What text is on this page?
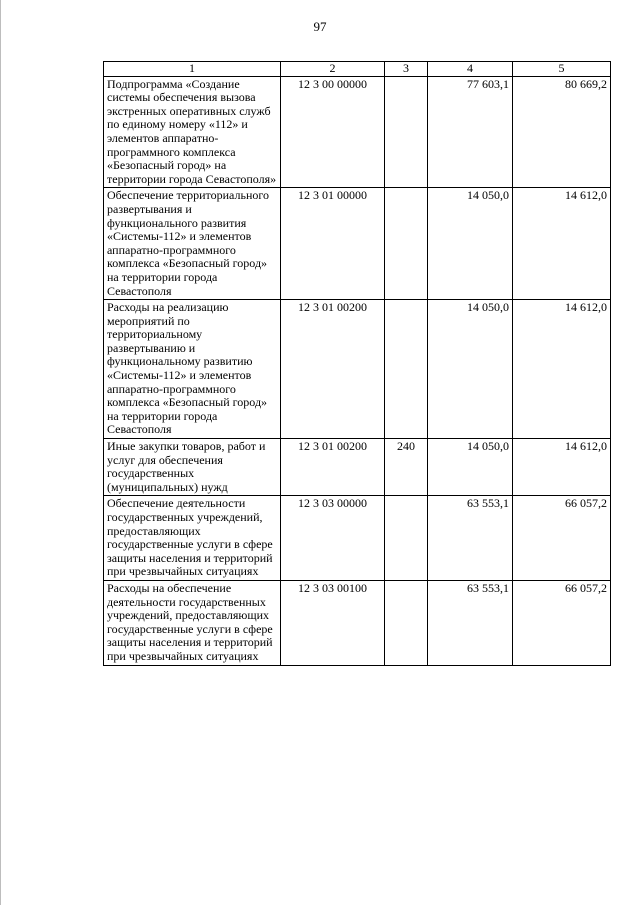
97
1	2	3	4	5
Подпрограмма «Создание системы обеспечения вызова экстренных оперативных служб по единому номеру «112» и элементов аппаратно-программного комплекса «Безопасный город» на территории города Севастополя»	12 3 00 00000		77 603,1	80 669,2
Обеспечение территориального развертывания и функционального развития «Системы-112» и элементов аппаратно-программного комплекса «Безопасный город» на территории города Севастополя	12 3 01 00000		14 050,0	14 612,0
Расходы на реализацию мероприятий по территориальному развертыванию и функциональному развитию «Системы-112» и элементов аппаратно-программного комплекса «Безопасный город» на территории города Севастополя	12 3 01 00200		14 050,0	14 612,0
Иные закупки товаров, работ и услуг для обеспечения государственных (муниципальных) нужд	12 3 01 00200	240	14 050,0	14 612,0
Обеспечение деятельности государственных учреждений, предоставляющих государственные услуги в сфере защиты населения и территорий при чрезвычайных ситуациях	12 3 03 00000		63 553,1	66 057,2
Расходы на обеспечение деятельности государственных учреждений, предоставляющих государственные услуги в сфере защиты населения и территорий при чрезвычайных ситуациях	12 3 03 00100		63 553,1	66 057,2
